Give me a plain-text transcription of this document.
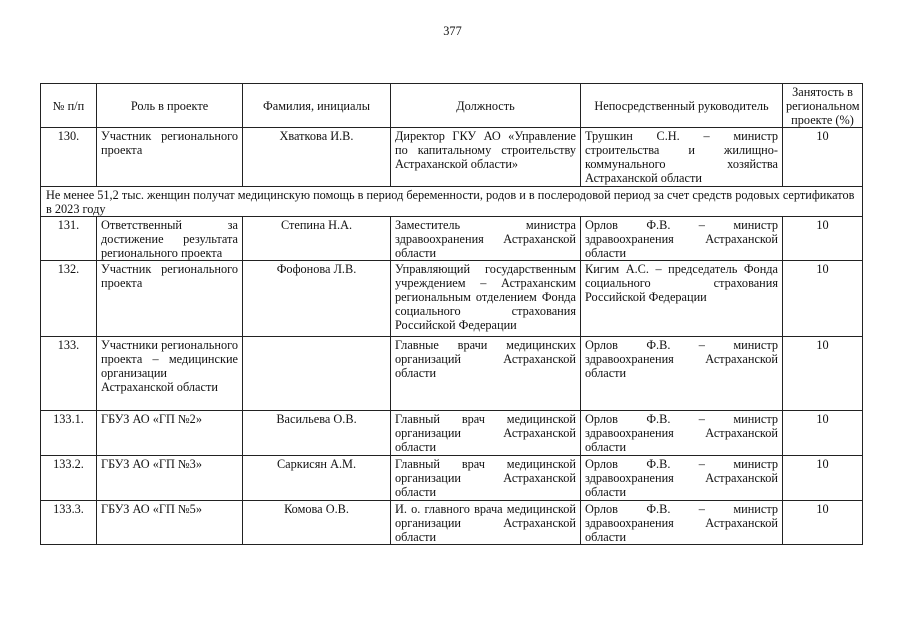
377
№ п/п	Роль в проекте	Фамилия, инициалы	Должность	Непосредственный руководитель	Занятость в региональном проекте (%)
130.	Участник регионального проекта	Хваткова И.В.	Директор ГКУ АО «Управление по капитальному строительству Астраханской области»	Трушкин С.Н. – министр строительства и жилищно-коммунального хозяйства Астраханской области	10
Не менее 51,2 тыс. женщин получат медицинскую помощь в период беременности, родов и в послеродовой период за счет средств родовых сертификатов в 2023 году					
131.	Ответственный за достижение результата регионального проекта	Степина Н.А.	Заместитель министра здравоохранения Астраханской области	Орлов Ф.В. – министр здравоохранения Астраханской области	10
132.	Участник регионального проекта	Фофонова Л.В.	Управляющий государственным учреждением – Астраханским региональным отделением Фонда социального страхования Российской Федерации	Кигим А.С. – председатель Фонда социального страхования Российской Федерации	10
133.	Участники регионального проекта – медицинские организации Астраханской области		Главные врачи медицинских организаций Астраханской области	Орлов Ф.В. – министр здравоохранения Астраханской области	10
133.1.	ГБУЗ АО «ГП №2»	Васильева О.В.	Главный врач медицинской организации Астраханской области	Орлов Ф.В. – министр здравоохранения Астраханской области	10
133.2.	ГБУЗ АО «ГП №3»	Саркисян А.М.	Главный врач медицинской организации Астраханской области	Орлов Ф.В. – министр здравоохранения Астраханской области	10
133.3.	ГБУЗ АО «ГП №5»	Комова О.В.	И. о. главного врача медицинской организации Астраханской области	Орлов Ф.В. – министр здравоохранения Астраханской области	10
